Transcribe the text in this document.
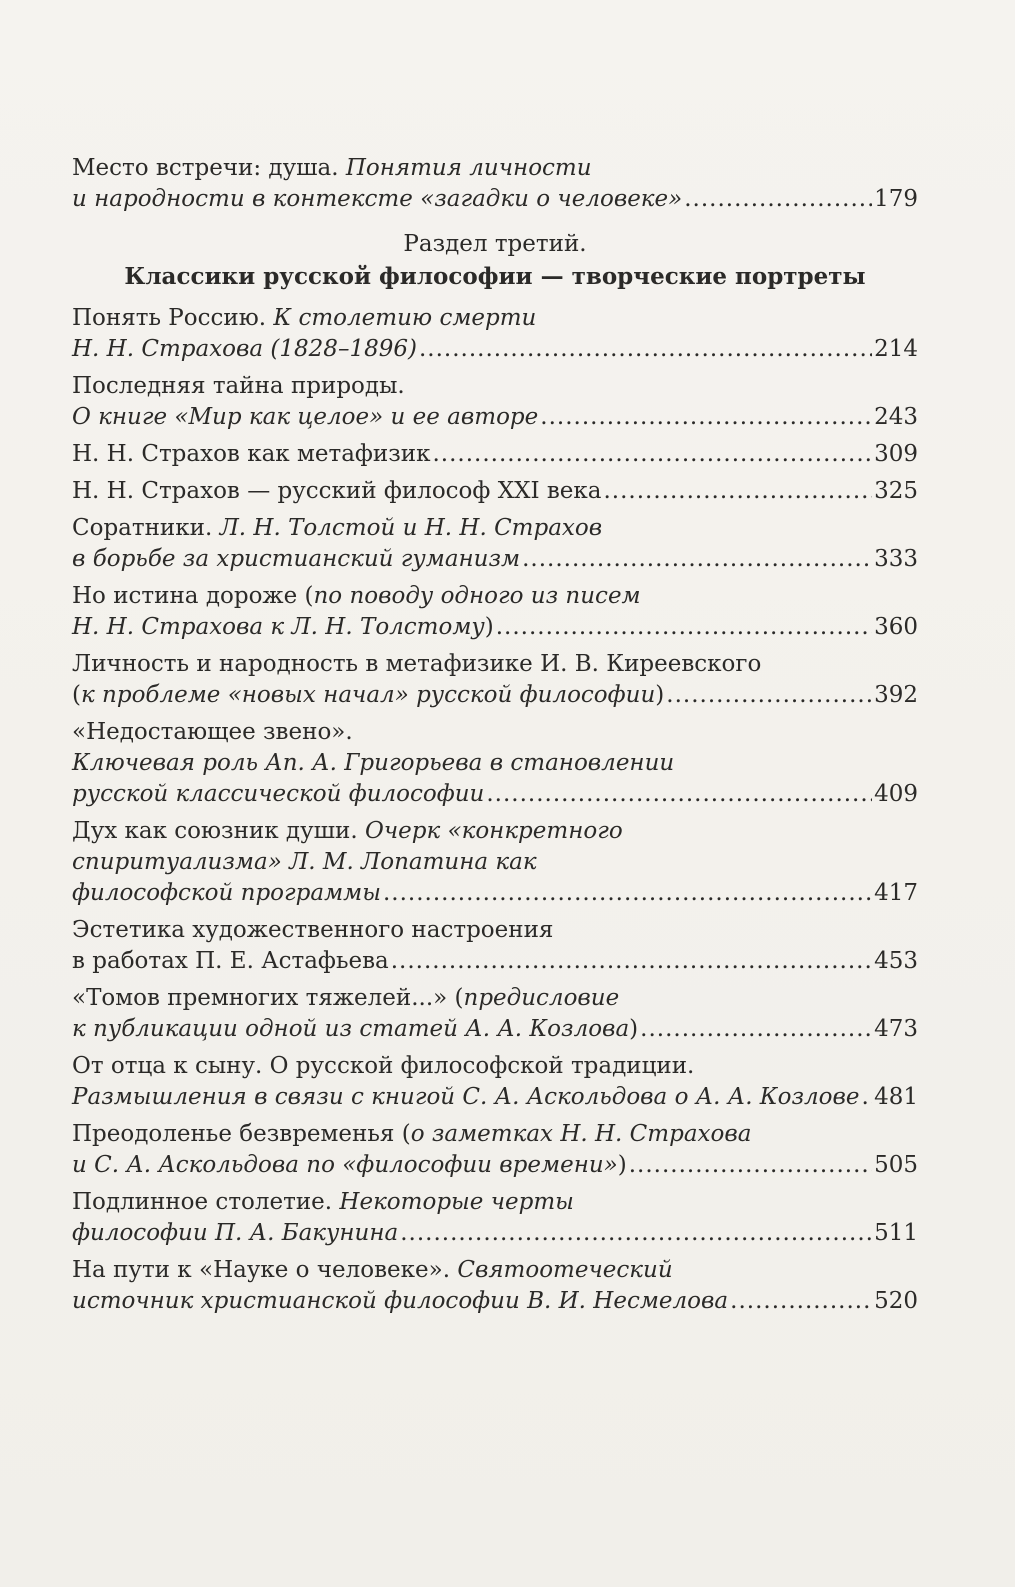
Место встречи: душа. Понятия личности
и народности в контексте «загадки о человеке» .....	179
Раздел третий.
Классики русской философии — творческие портреты
Понять Россию. К столетию смерти
Н. Н. Страхова (1828–1896) .....	214
Последняя тайна природы.
О книге «Мир как целое» и ее авторе .....	243
Н. Н. Страхов как метафизик .....	309
Н. Н. Страхов — русский философ XXI века .....	325
Соратники. Л. Н. Толстой и Н. Н. Страхов
в борьбе за христианский гуманизм .....	333
Но истина дороже (по поводу одного из писем
Н. Н. Страхова к Л. Н. Толстому) .....	360
Личность и народность в метафизике И. В. Киреевского
(к проблеме «новых начал» русской философии) .....	392
«Недостающее звено».
Ключевая роль Ап. А. Григорьева в становлении
русской классической философии .....	409
Дух как союзник души. Очерк «конкретного
спиритуализма» Л. М. Лопатина как
философской программы .....	417
Эстетика художественного настроения
в работах П. Е. Астафьева .....	453
«Томов премногих тяжелей...» (предисловие
к публикации одной из статей А. А. Козлова) .....	473
От отца к сыну. О русской философской традиции.
Размышления в связи с книгой С. А. Аскольдова о А. А. Козлове ..... 481
Преодоленье безвременья (о заметках Н. Н. Страхова
и С. А. Аскольдова по «философии времени») .....	505
Подлинное столетие. Некоторые черты
философии П. А. Бакунина .....	511
На пути к «Науке о человеке». Святоотеческий
источник христианской философии В. И. Несмелова .....	520
